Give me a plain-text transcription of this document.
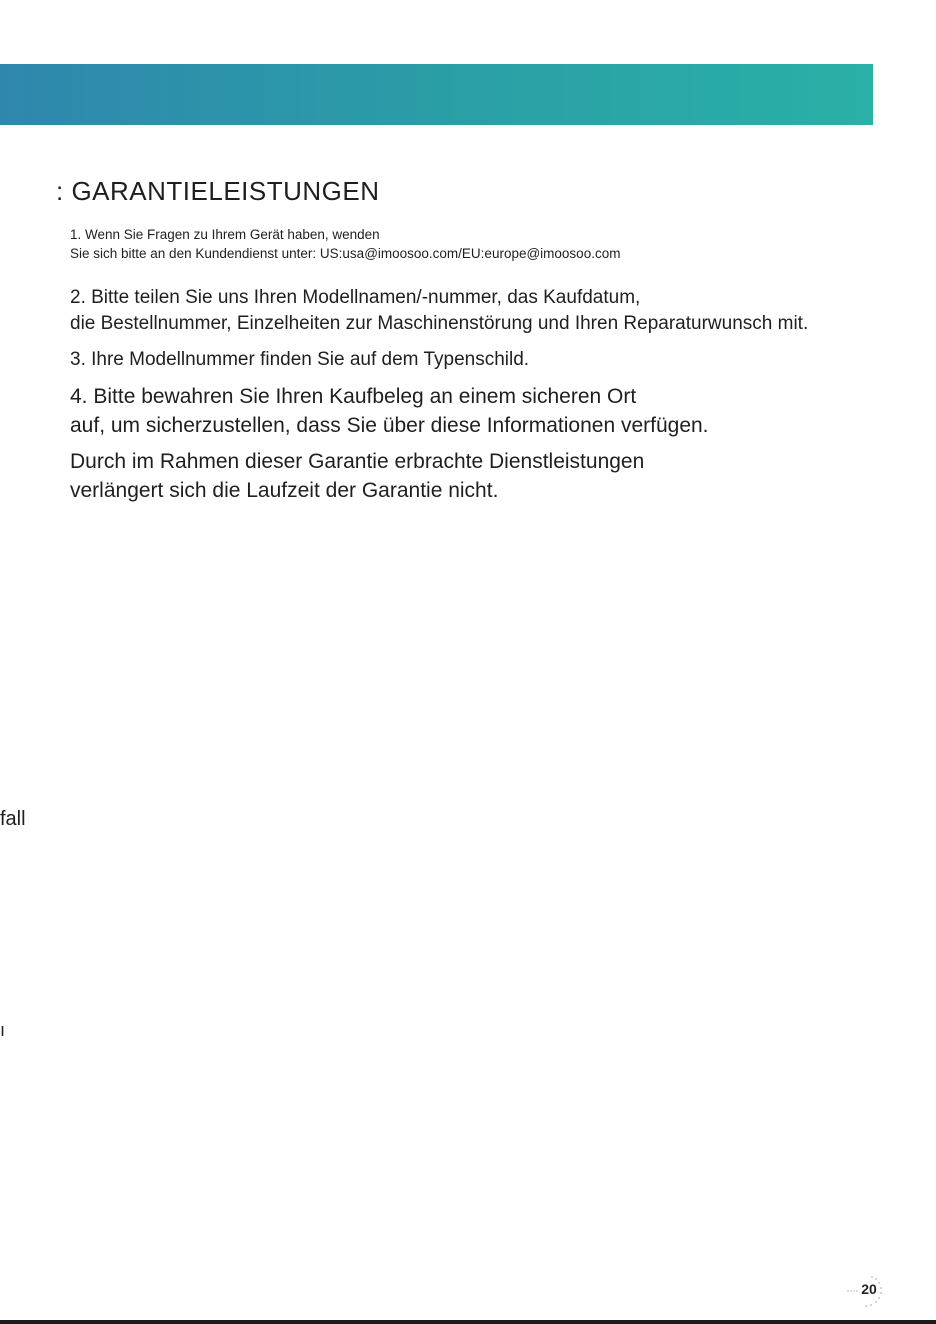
: GARANTIELEISTUNGEN

1. Wenn Sie Fragen zu Ihrem Gerät haben, wenden
Sie sich bitte an den Kundendienst unter: US:usa@imoosoo.com/EU:europe@imoosoo.com

2. Bitte teilen Sie uns Ihren Modellnamen/-nummer, das Kaufdatum,
die Bestellnummer, Einzelheiten zur Maschinenstörung und Ihren Reparaturwunsch mit.

3. Ihre Modellnummer finden Sie auf dem Typenschild.

4. Bitte bewahren Sie Ihren Kaufbeleg an einem sicheren Ort
auf, um sicherzustellen, dass Sie über diese Informationen verfügen.

Durch im Rahmen dieser Garantie erbrachte Dienstleistungen
verlängert sich die Laufzeit der Garantie nicht.

fall

ı

20
